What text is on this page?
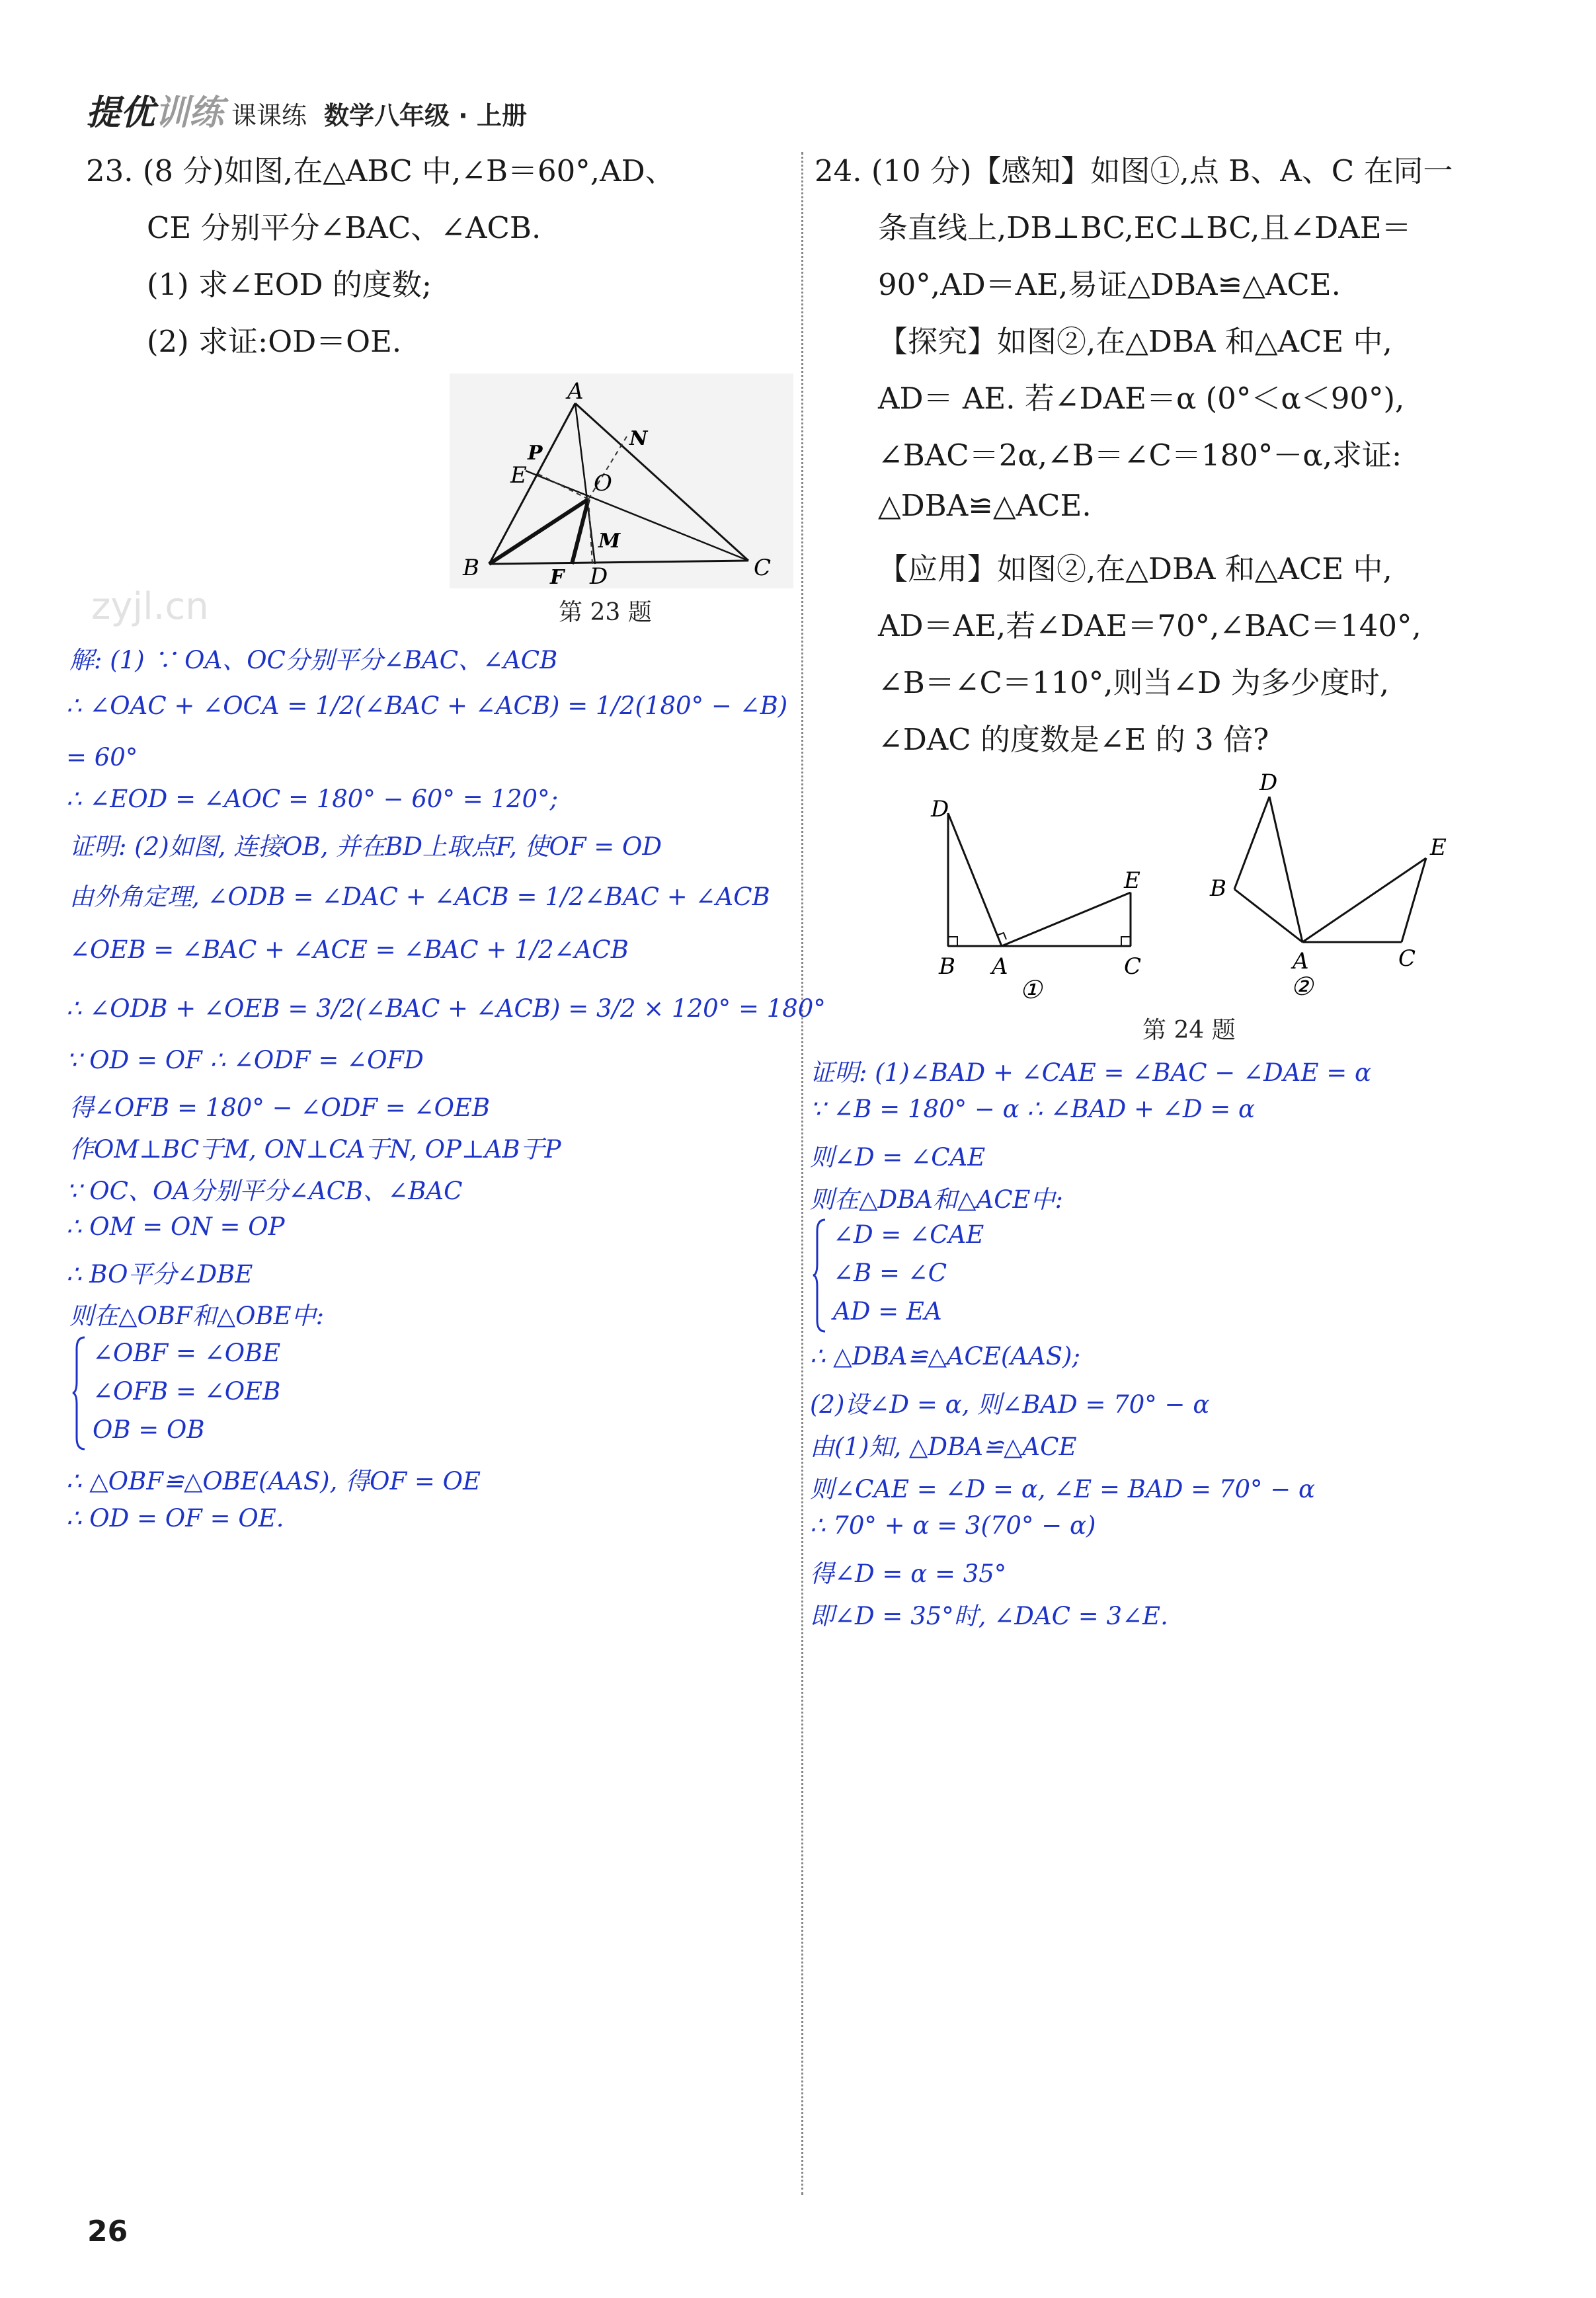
提优训练 课课练 数学八年级 · 上册
23. (8 分)如图,在△ABC 中,∠B＝60°,AD、
CE 分别平分∠BAC、∠ACB.
(1) 求∠EOD 的度数;
(2) 求证:OD＝OE.
A
B	C
D
E
F
M
N
O
P
第 23 题
zyjl.cn
解: (1) ∵ OA、OC分别平分∠BAC、∠ACB
∴ ∠OAC + ∠OCA = 1/2(∠BAC + ∠ACB) = 1/2(180° − ∠B)
= 60°
∴ ∠EOD = ∠AOC = 180° − 60° = 120°;
证明: (2)如图, 连接OB, 并在BD上取点F, 使OF = OD
由外角定理, ∠ODB = ∠DAC + ∠ACB = 1/2∠BAC + ∠ACB
∠OEB = ∠BAC + ∠ACE = ∠BAC + 1/2∠ACB
∴ ∠ODB + ∠OEB = 3/2(∠BAC + ∠ACB) = 3/2 × 120° = 180°
∵ OD = OF ∴ ∠ODF = ∠OFD
得∠OFB = 180° − ∠ODF = ∠OEB
作OM⊥BC于M, ON⊥CA于N, OP⊥AB于P
∵ OC、OA分别平分∠ACB、∠BAC
∴ OM = ON = OP
∴ BO平分∠DBE
则在△OBF和△OBE中:
∠OBF = ∠OBE
∠OFB = ∠OEB
OB = OB
∴ △OBF≌△OBE(AAS), 得OF = OE
∴ OD = OF = OE.
24. (10 分)【感知】如图①,点 B、A、C 在同一
条直线上,DB⊥BC,EC⊥BC,且∠DAE＝
90°,AD＝AE,易证△DBA≌△ACE.
【探究】如图②,在△DBA 和△ACE 中,
AD＝ AE. 若∠DAE＝α (0°＜α＜90°),
∠BAC＝2α,∠B＝∠C＝180°－α,求证:
△DBA≌△ACE.
【应用】如图②,在△DBA 和△ACE 中,
AD＝AE,若∠DAE＝70°,∠BAC＝140°,
∠B＝∠C＝110°,则当∠D 为多少度时,
∠DAC 的度数是∠E 的 3 倍?
D
B A
E
C
①
D
B
A
E
C
②
第 24 题
证明: (1)∠BAD + ∠CAE = ∠BAC − ∠DAE = α
∵ ∠B = 180° − α ∴ ∠BAD + ∠D = α
则∠D = ∠CAE
则在△DBA和△ACE中:
∠D = ∠CAE
∠B = ∠C
AD = EA
∴ △DBA≌△ACE(AAS);
(2)设∠D = α, 则∠BAD = 70° − α
由(1)知, △DBA≌△ACE
则∠CAE = ∠D = α, ∠E = BAD = 70° − α
∴ 70° + α = 3(70° − α)
得∠D = α = 35°
即∠D = 35°时, ∠DAC = 3∠E.
26
